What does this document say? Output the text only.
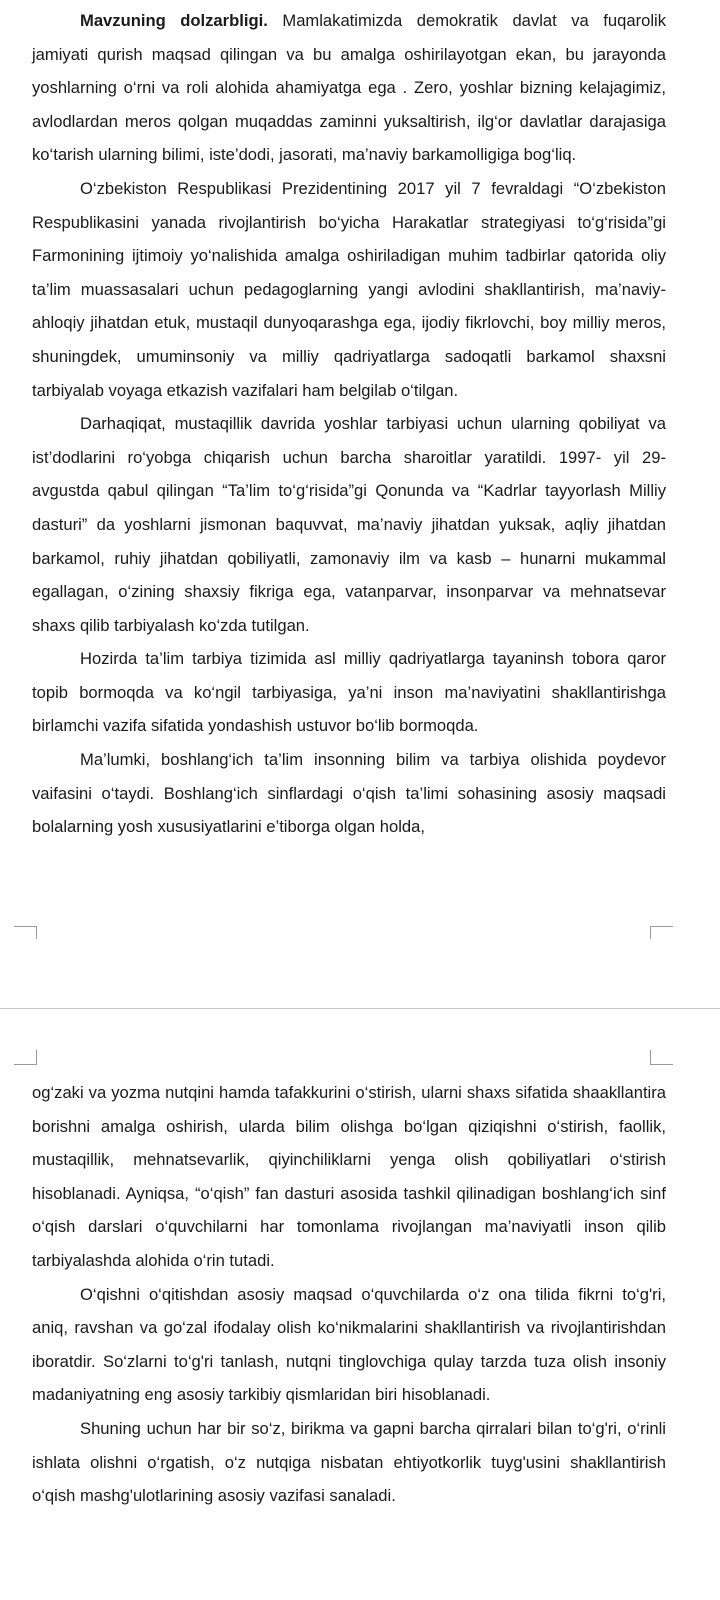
Mavzuning dolzarbligi. Mamlakatimizda demokratik davlat va fuqarolik jamiyati qurish maqsad qilingan va bu amalga oshirilayotgan ekan, bu jarayonda yoshlarning o‘rni va roli alohida ahamiyatga ega . Zero, yoshlar bizning kelajagimiz, avlodlardan meros qolgan muqaddas zaminni yuksaltirish, ilg‘or davlatlar darajasiga ko‘tarish ularning bilimi, iste’dodi, jasorati, ma’naviy barkamolligiga bog‘liq.

O‘zbekiston Respublikasi Prezidentining 2017 yil 7 fevraldagi “O‘zbekiston Respublikasini yanada rivojlantirish bo‘yicha Harakatlar strategiyasi to‘g‘risida”gi Farmonining ijtimoiy yo‘nalishida amalga oshiriladigan muhim tadbirlar qatorida oliy ta’lim muassasalari uchun pedagoglarning yangi avlodini shakllantirish, ma’naviy-ahloqiy jihatdan etuk, mustaqil dunyoqarashga ega, ijodiy fikrlovchi, boy milliy meros, shuningdek, umuminsoniy va milliy qadriyatlarga sadoqatli barkamol shaxsni tarbiyalab voyaga etkazish vazifalari ham belgilab o‘tilgan.

Darhaqiqat, mustaqillik davrida yoshlar tarbiyasi uchun ularning qobiliyat va ist’dodlarini ro‘yobga chiqarish uchun barcha sharoitlar yaratildi. 1997- yil 29- avgustda qabul qilingan “Ta’lim to‘g‘risida”gi Qonunda va “Kadrlar tayyorlash Milliy dasturi” da yoshlarni jismonan baquvvat, ma’naviy jihatdan yuksak, aqliy jihatdan barkamol, ruhiy jihatdan qobiliyatli, zamonaviy ilm va kasb – hunarni mukammal egallagan, o‘zining shaxsiy fikriga ega, vatanparvar, insonparvar va mehnatsevar shaxs qilib tarbiyalash ko‘zda tutilgan.

Hozirda ta’lim tarbiya tizimida asl milliy qadriyatlarga tayaninsh tobora qaror topib bormoqda va ko‘ngil tarbiyasiga, ya’ni inson ma’naviyatini shakllantirishga birlamchi vazifa sifatida yondashish ustuvor bo‘lib bormoqda.

Ma’lumki, boshlang‘ich ta’lim insonning bilim va tarbiya olishida poydevor vaifasini o‘taydi. Boshlang‘ich sinflardagi o‘qish ta’limi sohasining asosiy maqsadi bolalarning yosh xususiyatlarini e’tiborga olgan holda,

og‘zaki va yozma nutqini hamda tafakkurini o‘stirish, ularni shaxs sifatida shaakllantira borishni amalga oshirish, ularda bilim olishga bo‘lgan qiziqishni o‘stirish, faollik, mustaqillik, mehnatsevarlik, qiyinchiliklarni yenga olish qobiliyatlari o‘stirish hisoblanadi. Ayniqsa, “o‘qish” fan dasturi asosida tashkil qilinadigan boshlang‘ich sinf o‘qish darslari o‘quvchilarni har tomonlama rivojlangan ma’naviyatli inson qilib tarbiyalashda alohida o‘rin tutadi.

O‘qishni o‘qitishdan asosiy maqsad o‘quvchilarda o‘z ona tilida fikrni to‘g'ri, aniq, ravshan va go‘zal ifodalay olish ko‘nikmalarini shakllantirish va rivojlantirishdan iboratdir. So‘zlarni to‘g'ri tanlash, nutqni tinglovchiga qulay tarzda tuza olish insoniy madaniyatning eng asosiy tarkibiy qismlaridan biri hisoblanadi.

Shuning uchun har bir so‘z, birikma va gapni barcha qirralari bilan to‘g'ri, o‘rinli ishlata olishni o‘rgatish, o‘z nutqiga nisbatan ehtiyotkorlik tuyg'usini shakllantirish o‘qish mashg'ulotlarining asosiy vazifasi sanaladi.
